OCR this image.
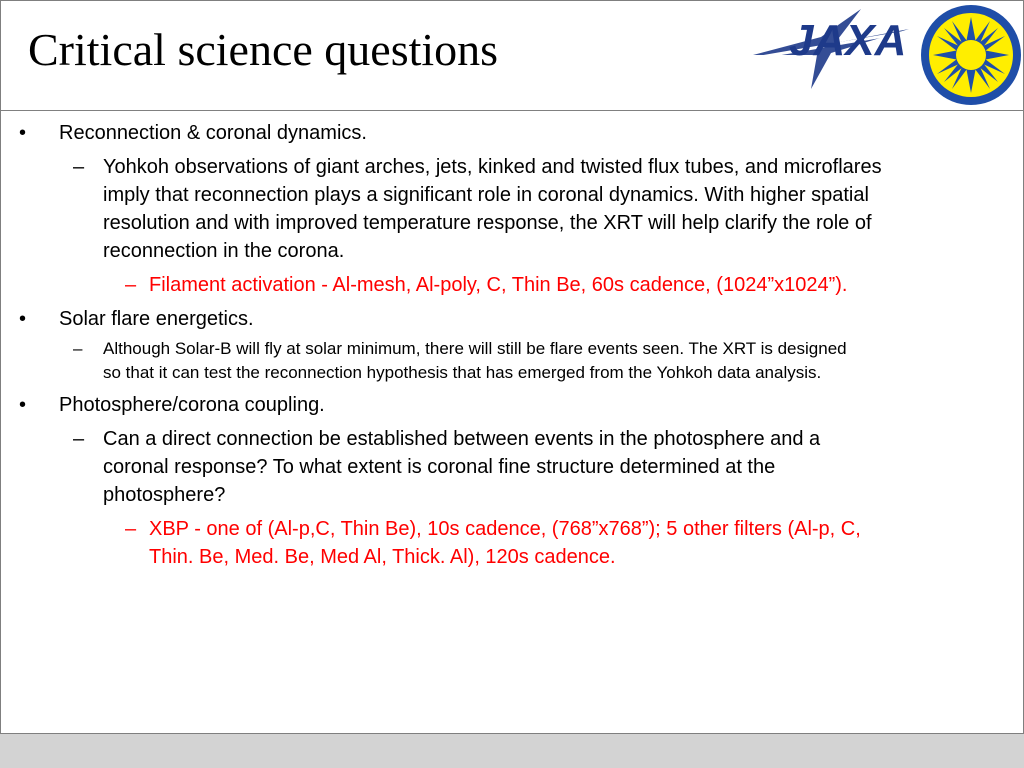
Critical science questions	JAXA
• Reconnection & coronal dynamics.
– Yohkoh observations of giant arches, jets, kinked and twisted flux tubes, and microflares imply that reconnection plays a significant role in coronal dynamics. With higher spatial resolution and with improved temperature response, the XRT will help clarify the role of reconnection in the corona.
– Filament activation - Al-mesh, Al-poly, C, Thin Be, 60s cadence, (1024”x1024”).
• Solar flare energetics.
– Although Solar-B will fly at solar minimum, there will still be flare events seen. The XRT is designed so that it can test the reconnection hypothesis that has emerged from the Yohkoh data analysis.
• Photosphere/corona coupling.
– Can a direct connection be established between events in the photosphere and a coronal response? To what extent is coronal fine structure determined at the photosphere?
– XBP - one of (Al-p,C, Thin Be), 10s cadence, (768”x768”); 5 other filters (Al-p, C, Thin. Be, Med. Be, Med Al, Thick. Al), 120s cadence.
